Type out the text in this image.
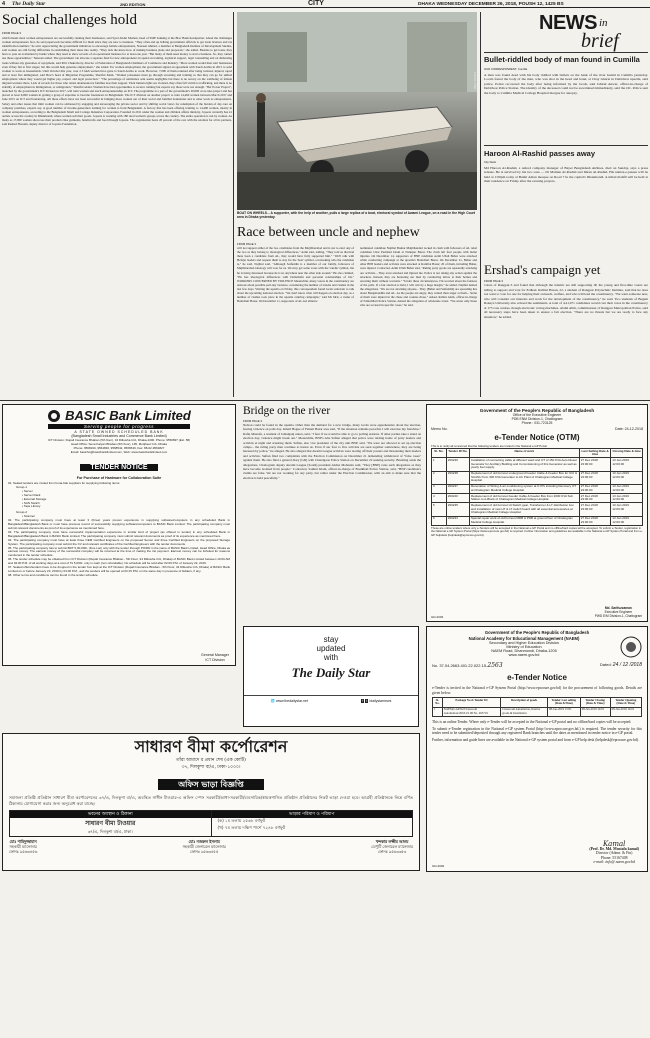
4 The Daily Star	2ND EDITION	CITY	DHAKA WEDNESDAY DECEMBER 26, 2018, POUSH 12, 1425 BS
Social challenges hold
FROM PAGE 3
which means most women entrepreneurs are successfully running their businesses, said Syed Abdul Momen, head of SME banking at the Brac Bank headquarter. About the challenges women entrepreneurs face, he said paperwork becomes difficult for them since they are new to business. "They often end up bribing government officials to get trade licences and tax identification number," he said. Appreciating the government initiatives to encourage female entrepreneurs, Nasreen Ahmed, a member at Bangladesh Institute of Development Studies, said women are still facing difficulties in establishing their ideas into reality. "They lack the know-how of making business plans and proposals," she added. Besides to get loans, they have to pass an evaluation by banks where they need to show records of an operational business for at least one year. "But many of them need money to start a business. So, they cannot use those opportunities," Nasreen added. The government can allocate a separate fund for new entrepreneurs in spend on training, logistical support, legal counselling and on disbursing loans without any guarantee of repayment, said Priti Chakraborty, director of Federation of Bangladesh Chambers of Commerce and Industry. "More women would then start businesses even if they fail at first stages; but this would help generate employment," she added. For women employment, the government signed an agreement with Saudi Arabia in 2015 to send women to work as housemaids. Until October this year, over 2.5 lakh women have gone to Saudi Arabia to work. However, 7,000 of them returned after being tortured, injured, raped and at least five immigrated, said Brac's head of Migration Programme, Shariful Islam. "Women jobseekers must go through screening and training so that they can go for skilled employment where they would get higher pay, respect and legal protection." "The percentage of remittance sent seems negligible but there is no survey on the wellbeing of female migrant workers there. Lack of records for those who return unannounced, families lose their support. Their human rights are violated, they often fall victim to trafficking, and there is no stability of employment in immigration, or remigration," Shariful added. Women have had opportunities to receive training but experts say those were not enough. "Her Power Project", launched by the government's ICT division in 2017, will train women and teach entrepreneurship on ICT. The programme is a part of the government's 20,000 crore taka project and has placed at least 6,000 women in getting a grasp of expertise to become freelancers in Bangladesh. The ICT division on another project to train 14,460 women between March 2017 and June 2015 on ICT and freelancing. All these efforts have not been successful in bringing more women out of their social and familial boundaries and to enter work as entrepreneurs. Salary and other issues that limit women can be addressed by engaging and encouraging the private sector and by shifting social views for redemption of the burden of day-care on company premises, experts say. A good number of income-generation training for women is from Bangladesh. A factory that has been offering training to 14,400 women, mostly in women entrepreneurs, according to the Bangladesh Small and Cottage Industries Corporation. Founded in 2011 under the women and children affairs ministry, Joyeeta currently has 41 outlets across the country in Dhanmondi, where women sell their goods. Joyeeta is working with 180 rural women's groups across the country. The entire operation is run by women. As many as 17,000 women showcase their products like garments, handicrafts and food through Joyeeta. The organisation bears 20 percent of the cost with the retailers for all its partners, said Rashed Hossain, deputy director of Joyeeta Foundation.
PHOTO: STAR
BOAT ON WHEELS... A supporter, with the help of another, pulls a large replica of a boat, electoral symbol of Awami League, on a road in the High Court area in Dhaka yesterday.
Race between uncle and nephew
FROM PAGE 3
will not support either of the two candidates from the Mujibbarabad and is not to elect any of the two as they belong to ideological differences," Azim said, adding, "They told us that had there been a candidate from AL, they would have fully supported him." "We'll talk with Hefajat leaders and request them to stay for the 'boat' symbol, overlooking who the candidate is," he said. Najibul said, "Although Saifuddin is a member of our family, followers of Mujibbarabad ideology will vote for us. We may get some votes with the 'candle' symbol, but he is being discussed because he is no anywhere near the other side around." He also claimed, "He has ideological differences with Deltashahi and personal relationships of his." WORKERS CONCERNED BY VIOLENCE Meanwhile, many voters in the constituency are anxious about possible poll-day violence, considering the number of attacks and clashes in the last few days. Visiting the upazila on Friday, this correspondent found locals reluctant to talk about the upcoming national election. "We don't know what will happen on election day, as a number of clashes took place in the upazila centring campaigns," said Mr Idris, a trader of Boinchuri Bazar. On December 11, supporters of AL-led alliance
nominated candidate Najibul Bashar Maijbhandari locked in clash with followers of AL rebel candidate Uttar Parishad Islam at Nanupur Bazar. The clash left four people with bullet injuries. On December 14, supporters of BNP candidate Azim Ullah Bahar were attacked while conducting campaign at the upazila's Boinchuri Bazar. On December 21, Bahar and other BNP leaders and activists were attacked at Katirhat Bazar; 20 of them, including Bahar, were injured. Contacted, Azim Ullah Bahar said, "Ruling party goons are repeatedly attacking our activists... They even attacked and injured me. Police is not taking any action against the attackers. Instead, they are harassing our men by conducting drives at their homes and arresting them without warrants." "Under these circumstances, I'm worried about the fairness of the polls. If a fair election is held, I will win by a huge margin," he added. Najibul denied the allegations. "We are not attacking anyone... They [Bahar and Saifuddin] are spreading lies about Bangabandhu and AL. As the people are angry, they vented their anger at them... Some of them were injured in the chase and counter-chase." Asked, Rabiul Alam, officer-in-charge of Fatikchhari Police Station, denied the allegation of wholesale arrest. "We arrest only those who are accused in specific cases," he said.
NEWS in
brief
Bullet-riddled body of man found in Cumilla
OUR CORRESPONDENT, Cumilla
A man was found dead with his body riddled with bullets on the bank of the river Gumti in Cumilla yesterday. Locals found the body of the man, who was shot in the head and hand, at Chay Gharia in Debidwar upazila, said police. Police recovered the body after being informed by the locals, said Jahirul Anwar, officer-in-charge of Debidwar Police Station. The identity of the deceased could not be ascertained immediately, said the OC. Police sent the body to Cumilla Medical College Hospital morgue for autopsy.
Haroon Al-Rashid passes away
City Desk
Md Haroon Al-Rashid, a retired company manager of Bayer Bangladesh Airlines, died on Sunday, says a press release. He is survived by his two sons — Dr Mamun Al-Rashid and Imran Al-Rashid. His namaz-e-janaza will be held at 1:00pm today at Baitul Aman mosque on Road 7 in the capital's Dhanmondi. A milad mahfil will be held at their residence on Friday after the evening prayers.
Ershad's campaign yet
FROM PAGE 3
voters of Rangpur-3 and found that although the Islamic are still supporting JP, the young and first-time voters are telling to support and vote for Erdhad. Rabbul Hasan, 22, a student of Rangpur Polytechnic Institute, said that he does not want to vote for one for helping their outreach, welfare, and who will lead the constituency. "We want someone new, who will consider our interests and work for the development of the constituency," he said. Two students of Begum Rokeya University also echoed the sentiments. A total of 4,41,071 candidates would cast their votes in the constituency at 173 vote centres, though electronic voting machines. Abdul Alim, commissioner of Rangpur Metropolitan Police, said all necessary steps have been taken to ensure a fair election. "There are no threats but we are ready to face any situation," he added.
BASIC Bank Limited
Serving people for progress
A STATE OWNED SCHEDULED BANK
(Bangladesh Small Industries and Commerce Bank Limited)
ICT Division: Rupali Insurance Bhaban (5th floor), 34 Dilkusha C/A, Dhaka-1000. Phone: 9550897 (Ext. 58)
Head Office: Sena Kalyan Bhaban (6th floor), 195, Motijheel C/A, Dhaka
Phone: 9568190, 9564830, 9568542, 9566549, Fax: 88-02-9564827
Email: basicho@basicbanklimited.com, Web: www.basicbanklimited.com
TENDER NOTICE
For Purchase of Hardware for Collaboration Suite
01. Sealed tenders are invited from bona-fide suppliers for supplying following items:
Group-1
• Server
• Server Rack
• External Storage
• SAN Switch
• Tape Library
Group-2
• Scanner
02. The participating company must have at least 3 (three) years proven experience in supplying software/computers in any scheduled Bank in Bangladesh/Bangladesh Bank or must have previous record of successfully supplying software/computers to BASIC Bank Limited. The participating company must submit relevant documents as proof of its experience as mentioned here.
03. The participating company must have successful implementation experience in similar kind of project (as offered in tender) in any scheduled Bank in Bangladesh/Bangladesh Bank in BASIC Bank Limited. The participating company must submit relevant documents as proof of its experience as mentioned here.
04. The participating company must have at least three OEM Certified Engineers on the proposed Server and three Certified Engineers on the proposed Storage System. The participating company must submit the CV and relevant certificates of the Certified Engineers with the tender documents.
05. The participating company has to submit BDT 5,00,000/- (Five Lac) only with the tender through PO/DD in the name of BASIC Bank Limited, Head Office, Dhaka as earnest money. The earnest money of the successful company will be returned at the time of making the 1st payment. Earnest money can be forfeited for reasons mentioned in the tender schedule.
06. The tender schedule may be obtained from ICT Division (Rupali Insurance Bhaban - 5th Floor, 34 Dilkusha C/A, Dhaka) of BASIC Bank Limited between 10:00 AM and 02:00 P.M. of all working days at a cost of Tk 5,000/- only in cash (non refundable). No schedule will be sold after 02:00 P.M. of January 22, 2019.
07. Sealed offers/tenders have to be dropped in the tender box kept at the ICT Division (Rupali Insurance Bhaban - 5th Floor, 34 Dilkusha C/A, Dhaka) of BASIC Bank Limited on or before January 23, 2019 by 03:00 P.M., and the tenders will be opened at 03:15 P.M. on the same day in presence of bidders, if any.
08. Other terms and conditions can be found in the tender schedule.
General Manager
ICT Division
Bridge on the river
FROM PAGE 3
Nelson could be found in the upazila. Other than the demand for a new bridge, many locals were apprehensive about the election, fearing violence on polls day. Ismail Hogue of Fulsuti Bazar area said, "If the situation remains peaceful, I will exercise my franchise." Rafiq Mustafa, a resident of Jamalganj union, said, "I fear if we would be able to go to polling stations. If other parties take a stand on election day, violence might break out." Meanwhile, BNP's Abu Sufian alleged that police were raiding home of party leaders and activists at night and arresting them. Sufian, also vice president of the city unit BNP, said, "We were not allowed to set up election camps... the ruling party men continue to harass us. Even if our four to five activists are seen together somewhere, they are being harassed by police," he alleged. He also alleged that Awami League activists were tearing off their posters and threatening their leaders and activists. Sufian filed two complaints with the Election Commission on December 21 demanding withdrawal of "false cases" against them. He also filed a general diary (GD) with Chandgaon Police Station on December 22 seeking security. Brushing aside the allegations, Chattogram deputy Awami League (South) president Abdus Mohtasin said, "They [BNP] raise such allegations as they have become isolated from people." Contacted, Saimul Islam, officer-in-charge of Boalkhali Police Station, said, "BNP candidate's claims are false. We are not working for any party, but rather under the Election Commission, with an aim to make sure that the election is held peacefully."
Government of the People's Republic of Bangladesh
Office of the Executive Engineer
PDB ENM Division-1, Chattogram
Phone : 031-723125
Memo No.	Date: 24-12-2018
e-Tender Notice (OTM)
This is to notify all concerned that the following tenders are invited in the National e-GP Portal.
Sl. No.	Tender ID No.	Name of work	Last Selling Date & time	Closing Date & time
1	260236	Installation of connecting cable at different ward and OT of 150 KVA Auto Diesel Generator for Ancillary Building and Commissioning of this Generator as well as yearly fuel supply.	27 Dec 2018 23:00:00	13 Jan 2019 12:00:00
2	260238	Replacement of old burnout underground Feeder Cable & Feeder Box for ICU & SCANU from 300 KVA Generator to AC Plant of Chattogram Medical College Hospital.	27 Dec 2018 23:00:00	13 Jan 2019 12:00:00
3	260237	Renovation of Wiring & air conditioning system at 6 OTs including Recovery OT at Chattogram Medical College Hospital.	27 Dec 2018 23:00:00	13 Jan 2019 12:00:00
4	260240	Replacement of old burnout Feeder Cable & Feeder Box from 2000 KVA Sub Station to A-Block of Chattogram Medical College Hospital.	27 Dec 2018 23:00:00	13 Jan 2019 12:00:00
5	260235	Replacement of old burnout Ht Switch gear, Transformer & LT distribution box and installation of new HT & LT switch board with all essential accessories at Chattogram Medical College Hospital.	27 Dec 2018 23:00:00	13 Jan 2019 12:00:00
6	260234	Special repair work of old burnout MDB & PDB at ground floor of Chattogram Medical College Hospital.	27 Dec 2018 23:00:00	13 Jan 2019 12:00:00
These are online tenders where only e-Tenders will be accepted in the National e-GP Portal and no offline/hard copies will be accepted. To submit e-Tender, registration in the National e-GP System Portal (https://www.eprocure.gov.bd) is required. Further information and guidelines are available in the National e-GP System Portal and from e-GP helpdesk (helpdesk@eprocure.gov.bd).
Md. Sarifuzzaman
Executive Engineer
PWD E/M Division-1, Chattogram
GD-2003
stay
updated
with
The Daily Star
🌐 www.thedailystar.net	f t /dailystarnews
Government of the People's Republic of Bangladesh
National Academy for Educational Management (NAEM)
Secondary and Higher Education Division
Ministry of Education
NAEM Road, Dhanmondi, Dhaka-1205
www.naem.gov.bd
No. 37.04.2663.401.22.022.15-2563	Dated: 24 / 12 /2018
e-Tender Notice
e-Tender is invited in the National e-GP System Portal (http://www.eprocure.gov.bd) for the procurement of following goods. Details are given below:
Sl. No.	Package No & Tender ID	Description of goods	Tender Last selling (Date &Time)	Tender Closing (Date & Time)	Tender Opening (Date & Time)
1	NAEM/e-GP/02/Classroom Automation/2018-19 ID No. 265719	Classroom Automation, Interior goods & Installation	08-Jan-2019 15:01	08-Jan-2019 14:01	08-Jan-2019 14:01
This is an online Tender. Where only e-Tender will be accepted in the National e-GP portal and no offline/hard copies will be accepted.
To submit e-Tender registration in the National e-GP system Portal (http://www.eprocure.gov.bd.) is required. The tender security for this tender need to be submitted/deposited through any registered Bank branches until the dates as mentioned in tender notice in e-GP portal.
Further, information and guide lines are available in the National e-GP system portal and from e-GP help desk (helpdesk@eprocure.gov.bd).
Kamal
(Prof. Dr. Md. Mustafa kamal)
Director (Admn. & Fin)
Phone: 55167408
e-mail: info@.naem.gov.bd
GD-2992
সাধারণ বীমা কর্পোরেশন
তাঁরা আমাদে র প্রধান শেষ (এক কোটি)
৩৭, দিলকুশা বা/এ, ঢাকা-১০০০।
অফিস ভাড়া বিজ্ঞপ্তি
সমাজনা প্রতিষ্ঠি প্রতিষ্ঠান সাধারণ বীমা কর্পোরেশনের ৩৭/এ, দিলকুশা বা/এ, অবস্থিত সাধীন টাওয়ার-এ অফিস স্পেস সরকারী/আধা-সরকারী/ব্যবসায়িক/স্বায়ত্তশাসিত প্রতিষ্ঠান প্রতিষ্ঠানের নিকট ভাড়া দেওয়া হবে। আগ্রহী প্রতিষ্ঠানকে নিম্নে বর্ণিত ঠিকানায় যোগাযোগ করার জন্য অনুরোধ করা যাচ্ছে।
ভবনের অবস্থান ও ঠিকানা
সাধারণ বীমা টাওয়ার
৩৭/এ, দিলকুশা বা/এ, ঢাকা।
ভাড়ার পরিমাণ ও পরিমাপ
(ক) ১ম তলায় ২৫৬৮ বর্গফুট
(খ) ৭ম তলায় দক্ষিণ পার্শে ৭২৪৮ বর্গফুট
মোঃ শাহিদুজ্জামান
সহকারী ম্যানেজার
ফোনঃ ৯৫৬৩৪৫৬
মোঃ নজরুল ইসলাম
সহকারী জেনারেল ম্যানেজার
ফোনঃ ৯৫৬৩৪৫৫
খন্দকার লক্ষ্মীর আলম
ডেপুটি জেনারেল ম্যানেজার
ফোনঃ ৯৫৬৩৩৫৩
